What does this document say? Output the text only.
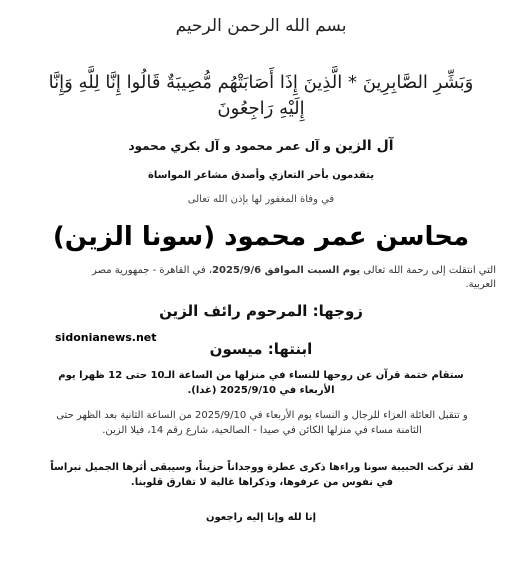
بسم الله الرحمن الرحيم
وَبَشِّرِ الصَّابِرِينَ * الَّذِينَ إِذَا أَصَابَتْهُم مُّصِيبَةٌ قَالُوا إِنَّا لِلَّهِ وَإِنَّا إِلَيْهِ رَاجِعُونَ
آل الزين و آل عمر محمود و آل بكري محمود
يتقدمون بأحر التعازي وأصدق مشاعر المواساة
في وفاة المغفور لها بإذن الله تعالى
محاسن عمر محمود (سونا الزين)
التي انتقلت إلى رحمة الله تعالى يوم السبت الموافق 2025/9/6، في القاهرة - جمهورية مصر العربية.
زوجها: المرحوم رائف الزين
sidonianews.net
ابنتها: ميسون
ستقام ختمة قرآن عن روحها للنساء في منزلها من الساعة الـ10 حتى 12 ظهرا يوم الأربعاء في 2025/9/10 (غدا).
و تتقبل العائلة العزاء للرجال و النساء يوم الأربعاء في 2025/9/10 من الساعة الثانية بعد الظهر حتى الثامنة مساء في منزلها الكائن في صيدا - الصالحية، شارع رقم 14، فيلا الزين.
لقد تركت الحبيبة سونا وراءها ذكرى عطرة ووجداناً حزيناً، وسيبقى أثرها الجميل نبراساً في نفوس من عرفوها، وذكراها غالية لا تفارق قلوبنا.
إنا لله وإنا إليه راجعون
